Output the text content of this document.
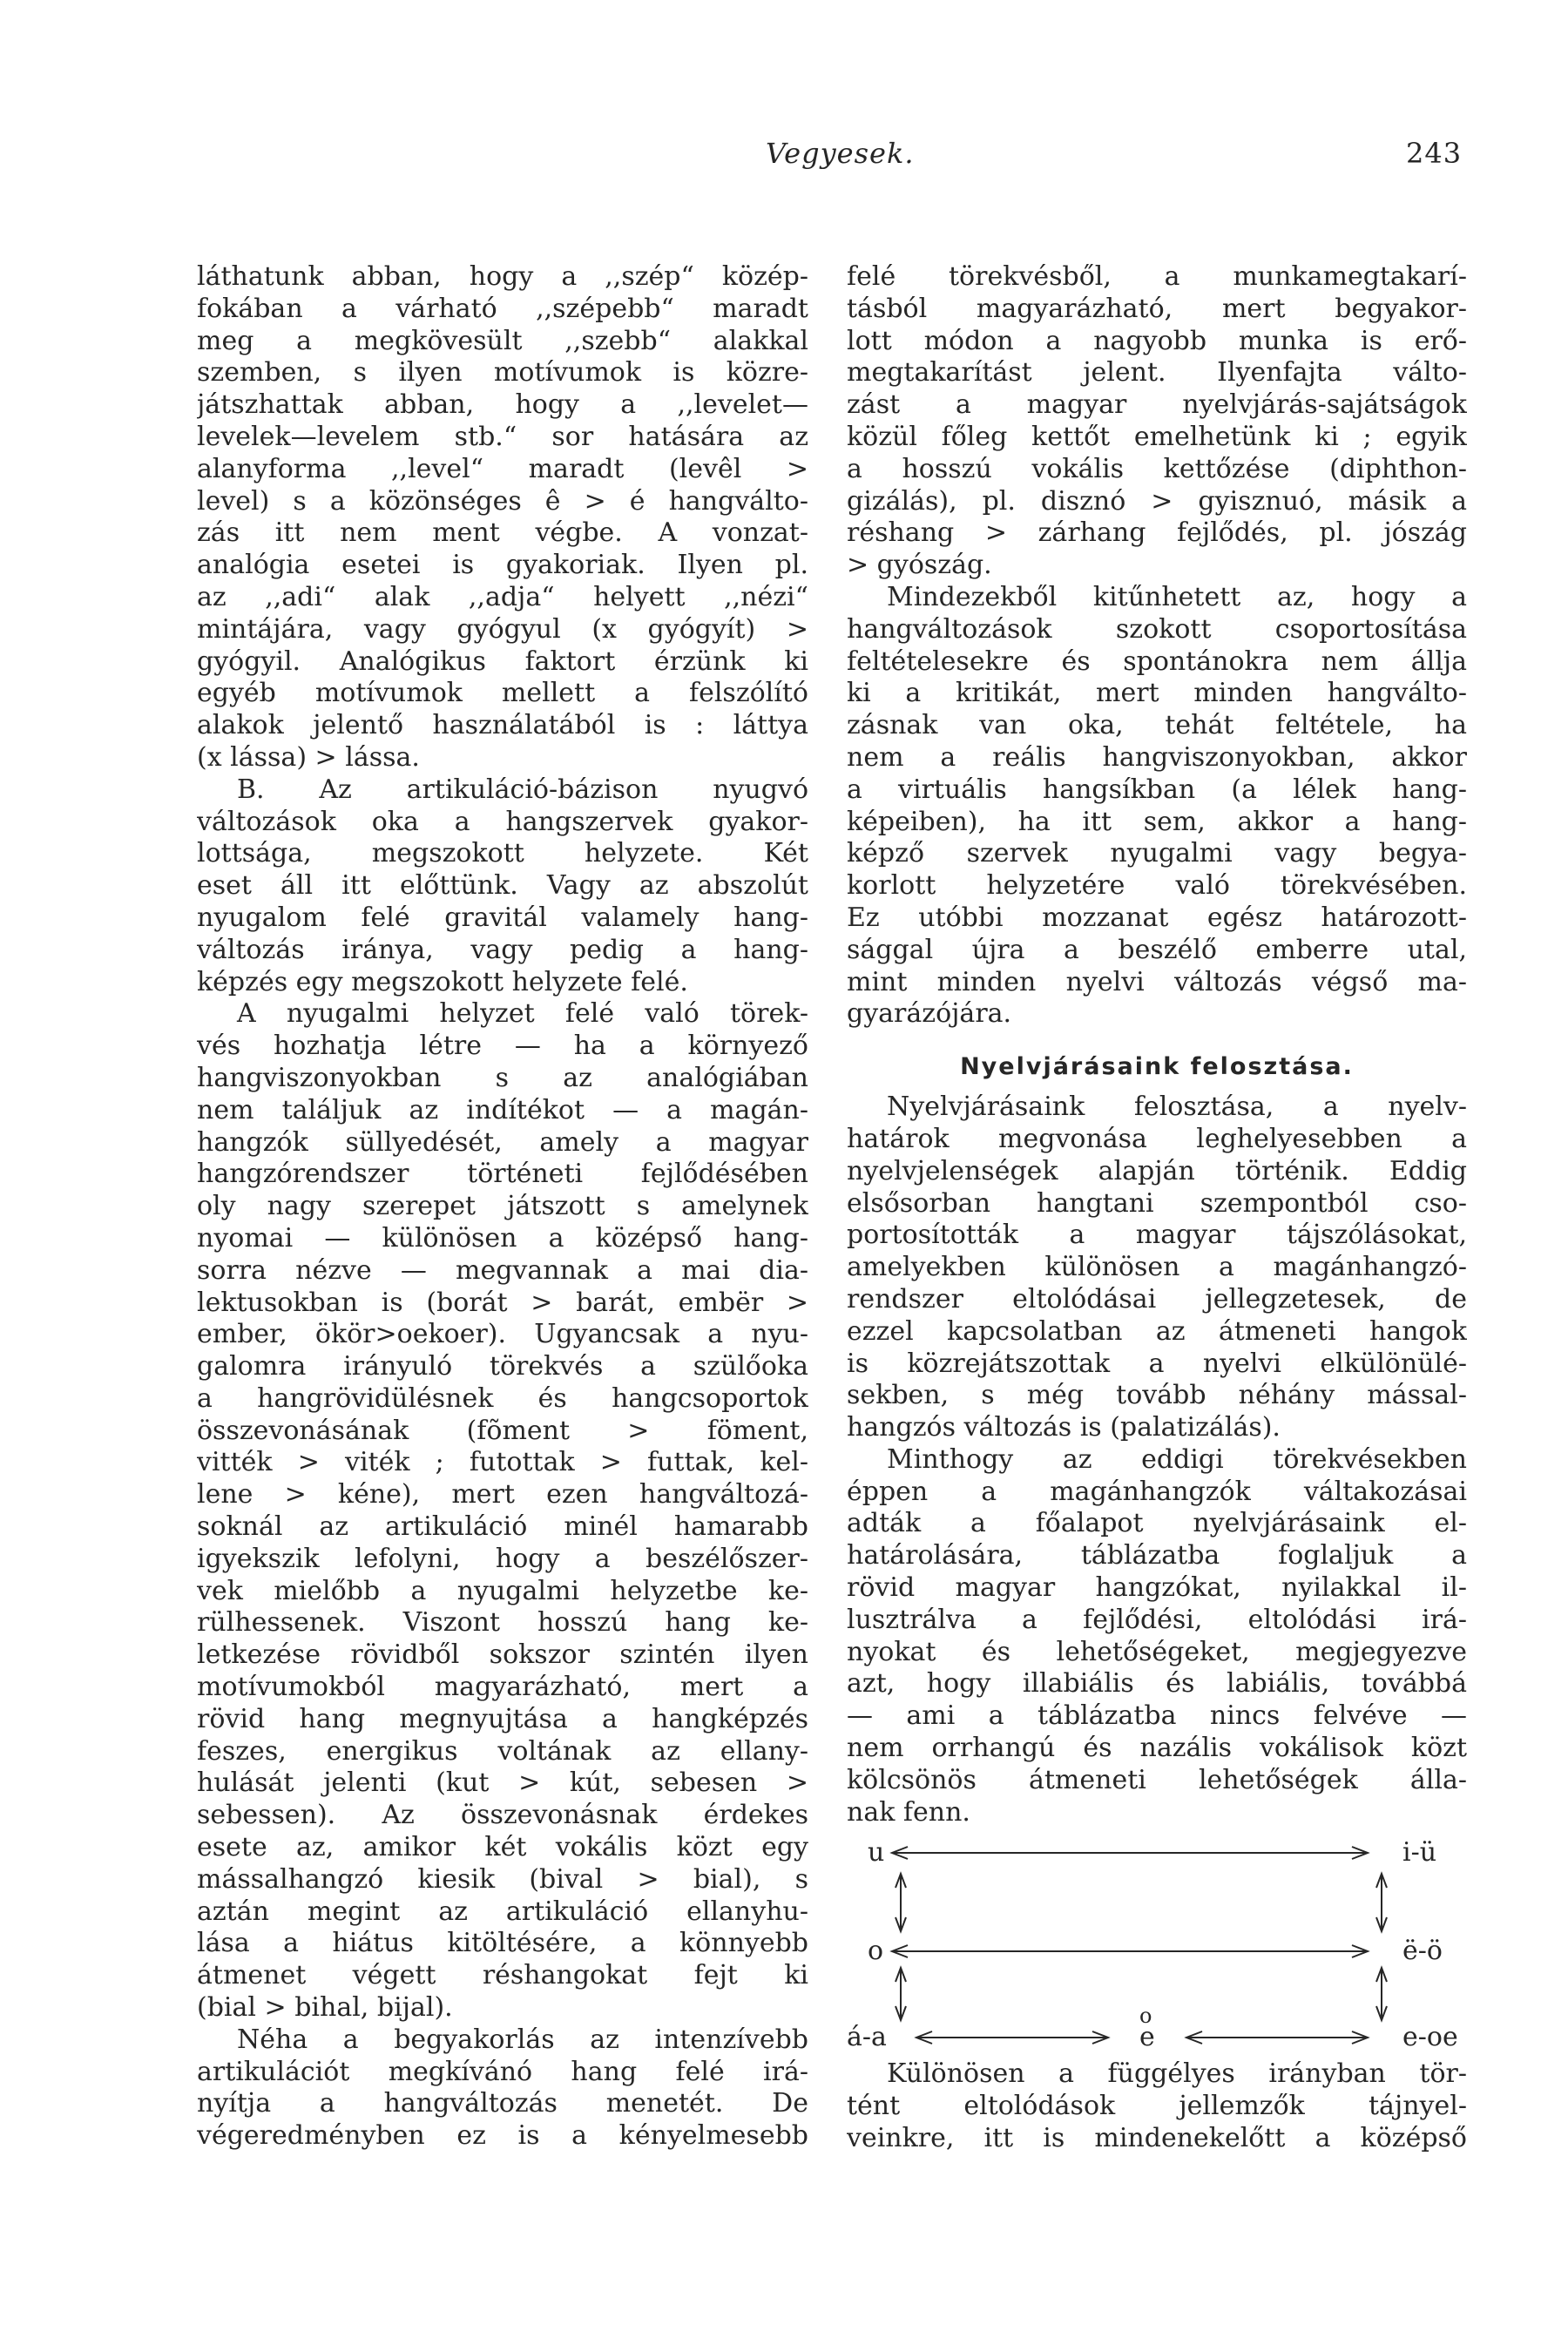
Vegyesek.	243
láthatunk abban, hogy a ,,szép“ közép-
fokában a várható ,,szépebb“ maradt
meg a megkövesült ,,szebb“ alakkal
szemben, s ilyen motívumok is közre-
játszhattak abban, hogy a ,,levelet—
levelek—levelem stb.“ sor hatására az
alanyforma ,,level“ maradt (levêl >
level) s a közönséges ê > é hangválto-
zás itt nem ment végbe. A vonzat-
analógia esetei is gyakoriak. Ilyen pl.
az ,,adi“ alak ,,adja“ helyett ,,nézi“
mintájára, vagy gyógyul (x gyógyít) >
gyógyil. Analógikus faktort érzünk ki
egyéb motívumok mellett a felszólító
alakok jelentő használatából is : láttya
(x lássa) > lássa.
B. Az artikuláció-bázison nyugvó
változások oka a hangszervek gyakor-
lottsága, megszokott helyzete. Két
eset áll itt előttünk. Vagy az abszolút
nyugalom felé gravitál valamely hang-
változás iránya, vagy pedig a hang-
képzés egy megszokott helyzete felé.
A nyugalmi helyzet felé való törek-
vés hozhatja létre — ha a környező
hangviszonyokban s az analógiában
nem találjuk az indítékot — a magán-
hangzók süllyedését, amely a magyar
hangzórendszer történeti fejlődésében
oly nagy szerepet játszott s amelynek
nyomai — különösen a középső hang-
sorra nézve — megvannak a mai dia-
lektusokban is (borát > barát, embër >
ember, ökör>oekoer). Ugyancsak a nyu-
galomra irányuló törekvés a szülőoka
a hangrövidülésnek és hangcsoportok
összevonásának (fõment > föment,
vitték > viték ; futottak > futtak, kel-
lene > kéne), mert ezen hangváltozá-
soknál az artikuláció minél hamarabb
igyekszik lefolyni, hogy a beszélőszer-
vek mielőbb a nyugalmi helyzetbe ke-
rülhessenek. Viszont hosszú hang ke-
letkezése rövidből sokszor szintén ilyen
motívumokból magyarázható, mert a
rövid hang megnyujtása a hangképzés
feszes, energikus voltának az ellany-
hulását jelenti (kut > kút, sebesen >
sebessen). Az összevonásnak érdekes
esete az, amikor két vokális közt egy
mássalhangzó kiesik (bival > bial), s
aztán megint az artikuláció ellanyhu-
lása a hiátus kitöltésére, a könnyebb
átmenet végett réshangokat fejt ki
(bial > bihal, bijal).
Néha a begyakorlás az intenzívebb
artikulációt megkívánó hang felé irá-
nyítja a hangváltozás menetét. De
végeredményben ez is a kényelmesebb
felé törekvésből, a munkamegtakarí-
tásból magyarázható, mert begyakor-
lott módon a nagyobb munka is erő-
megtakarítást jelent. Ilyenfajta válto-
zást a magyar nyelvjárás-sajátságok
közül főleg kettőt emelhetünk ki ; egyik
a hosszú vokális kettőzése (diphthon-
gizálás), pl. disznó > gyisznuó, másik a
réshang > zárhang fejlődés, pl. jószág
> gyószág.
Mindezekből kitűnhetett az, hogy a
hangváltozások szokott csoportosítása
feltételesekre és spontánokra nem állja
ki a kritikát, mert minden hangválto-
zásnak van oka, tehát feltétele, ha
nem a reális hangviszonyokban, akkor
a virtuális hangsíkban (a lélek hang-
képeiben), ha itt sem, akkor a hang-
képző szervek nyugalmi vagy begya-
korlott helyzetére való törekvésében.
Ez utóbbi mozzanat egész határozott-
sággal újra a beszélő emberre utal,
mint minden nyelvi változás végső ma-
gyarázójára.
Nyelvjárásaink felosztása.
Nyelvjárásaink felosztása, a nyelv-
határok megvonása leghelyesebben a
nyelvjelenségek alapján történik. Eddig
elsősorban hangtani szempontból cso-
portosították a magyar tájszólásokat,
amelyekben különösen a magánhangzó-
rendszer eltolódásai jellegzetesek, de
ezzel kapcsolatban az átmeneti hangok
is közrejátszottak a nyelvi elkülönülé-
sekben, s még tovább néhány mással-
hangzós változás is (palatizálás).
Minthogy az eddigi törekvésekben
éppen a magánhangzók váltakozásai
adták a főalapot nyelvjárásaink el-
határolására, táblázatba foglaljuk a
rövid magyar hangzókat, nyilakkal il-
lusztrálva a fejlődési, eltolódási irá-
nyokat és lehetőségeket, megjegyezve
azt, hogy illabiális és labiális, továbbá
— ami a táblázatba nincs felvéve —
nem orrhangú és nazális vokálisok közt
kölcsönös átmeneti lehetőségek álla-
nak fenn.
u	i-ü
o	ë-ö
á-a
o
e	e-oe
Különösen a függélyes irányban tör-
tént eltolódások jellemzők tájnyel-
veinkre, itt is mindenekelőtt a középső
